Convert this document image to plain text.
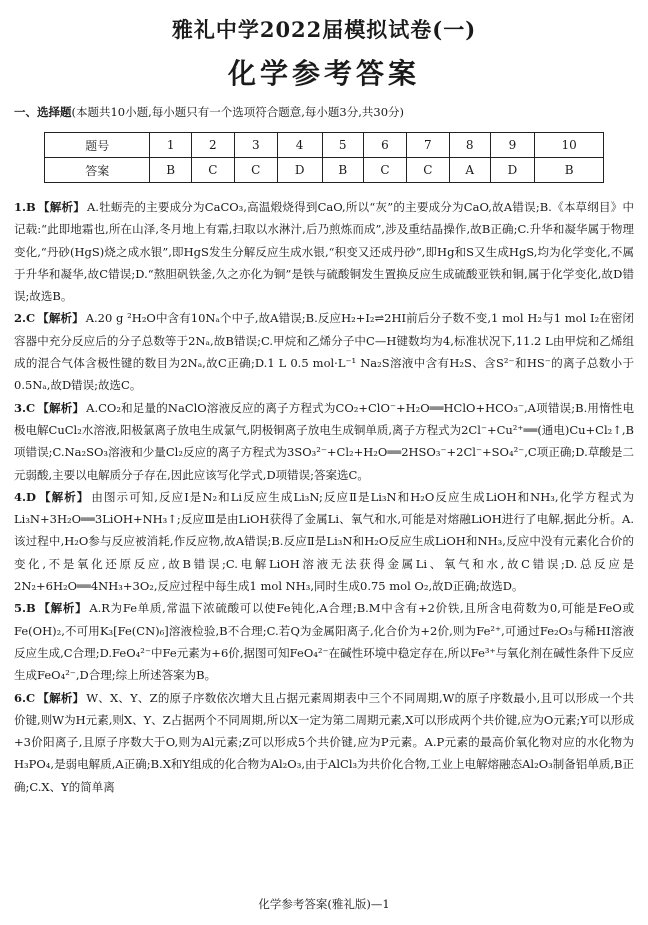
雅礼中学2022届模拟试卷(一)
化学参考答案
一、选择题(本题共10小题,每小题只有一个选项符合题意,每小题3分,共30分)
题号	1	2	3	4	5	6	7	8	9	10
答案	B	C	C	D	B	C	C	A	D	B

1.B 【解析】 A.牡蛎壳的主要成分为CaCO₃,高温煅烧得到CaO,所以“灰”的主要成分为CaO,故A错误;B.《本草纲目》中记载:“此即地霜也,所在山泽,冬月地上有霜,扫取以水淋汁,后乃煎炼而成”,涉及重结晶操作,故B正确;C.升华和凝华属于物理变化,“丹砂(HgS)烧之成水银”,即HgS发生分解反应生成水银,“积变又还成丹砂”,即Hg和S又生成HgS,均为化学变化,不属于升华和凝华,故C错误;D.“熬胆矾铁釜,久之亦化为铜”是铁与硫酸铜发生置换反应生成硫酸亚铁和铜,属于化学变化,故D错误;故选B。

2.C 【解析】 A.20 g ²H₂O中含有10Nₐ个中子,故A错误;B.反应H₂+I₂⇌2HI前后分子数不变,1 mol H₂与1 mol I₂在密闭容器中充分反应后的分子总数等于2Nₐ,故B错误;C.甲烷和乙烯分子中C—H键数均为4,标准状况下,11.2 L由甲烷和乙烯组成的混合气体含极性键的数目为2Nₐ,故C正确;D.1 L 0.5 mol·L⁻¹ Na₂S溶液中含有H₂S、含S²⁻和HS⁻的离子总数小于0.5Nₐ,故D错误;故选C。

3.C 【解析】 A.CO₂和足量的NaClO溶液反应的离子方程式为CO₂+ClO⁻+H₂O══HClO+HCO₃⁻,A项错误;B.用惰性电极电解CuCl₂水溶液,阳极氯离子放电生成氯气,阴极铜离子放电生成铜单质,离子方程式为2Cl⁻+Cu²⁺══(通电)Cu+Cl₂↑,B项错误;C.Na₂SO₃溶液和少量Cl₂反应的离子方程式为3SO₃²⁻+Cl₂+H₂O══2HSO₃⁻+2Cl⁻+SO₄²⁻,C项正确;D.草酸是二元弱酸,主要以电解质分子存在,因此应该写化学式,D项错误;答案选C。

4.D 【解析】 由图示可知,反应Ⅰ是N₂和Li反应生成Li₃N;反应Ⅱ是Li₃N和H₂O反应生成LiOH和NH₃,化学方程式为Li₃N+3H₂O══3LiOH+NH₃↑;反应Ⅲ是由LiOH获得了金属Li、氧气和水,可能是对熔融LiOH进行了电解,据此分析。A.该过程中,H₂O参与反应被消耗,作反应物,故A错误;B.反应Ⅱ是Li₃N和H₂O反应生成LiOH和NH₃,反应中没有元素化合价的变化,不是氧化还原反应,故B错误;C.电解LiOH溶液无法获得金属Li、氧气和水,故C错误;D.总反应是2N₂+6H₂O══4NH₃+3O₂,反应过程中每生成1 mol NH₃,同时生成0.75 mol O₂,故D正确;故选D。

5.B 【解析】 A.R为Fe单质,常温下浓硫酸可以使Fe钝化,A合理;B.M中含有+2价铁,且所含电荷数为0,可能是FeO或Fe(OH)₂,不可用K₃[Fe(CN)₆]溶液检验,B不合理;C.若Q为金属阳离子,化合价为+2价,则为Fe²⁺,可通过Fe₂O₃与稀HI溶液反应生成,C合理;D.FeO₄²⁻中Fe元素为+6价,据图可知FeO₄²⁻在碱性环境中稳定存在,所以Fe³⁺与氧化剂在碱性条件下反应生成FeO₄²⁻,D合理;综上所述答案为B。

6.C 【解析】 W、X、Y、Z的原子序数依次增大且占据元素周期表中三个不同周期,W的原子序数最小,且可以形成一个共价键,则W为H元素,则X、Y、Z占据两个不同周期,所以X一定为第二周期元素,X可以形成两个共价键,应为O元素;Y可以形成+3价阳离子,且原子序数大于O,则为Al元素;Z可以形成5个共价键,应为P元素。A.P元素的最高价氧化物对应的水化物为H₃PO₄,是弱电解质,A正确;B.X和Y组成的化合物为Al₂O₃,由于AlCl₃为共价化合物,工业上电解熔融态Al₂O₃制备铝单质,B正确;C.X、Y的简单离

化学参考答案(雅礼版)—1
